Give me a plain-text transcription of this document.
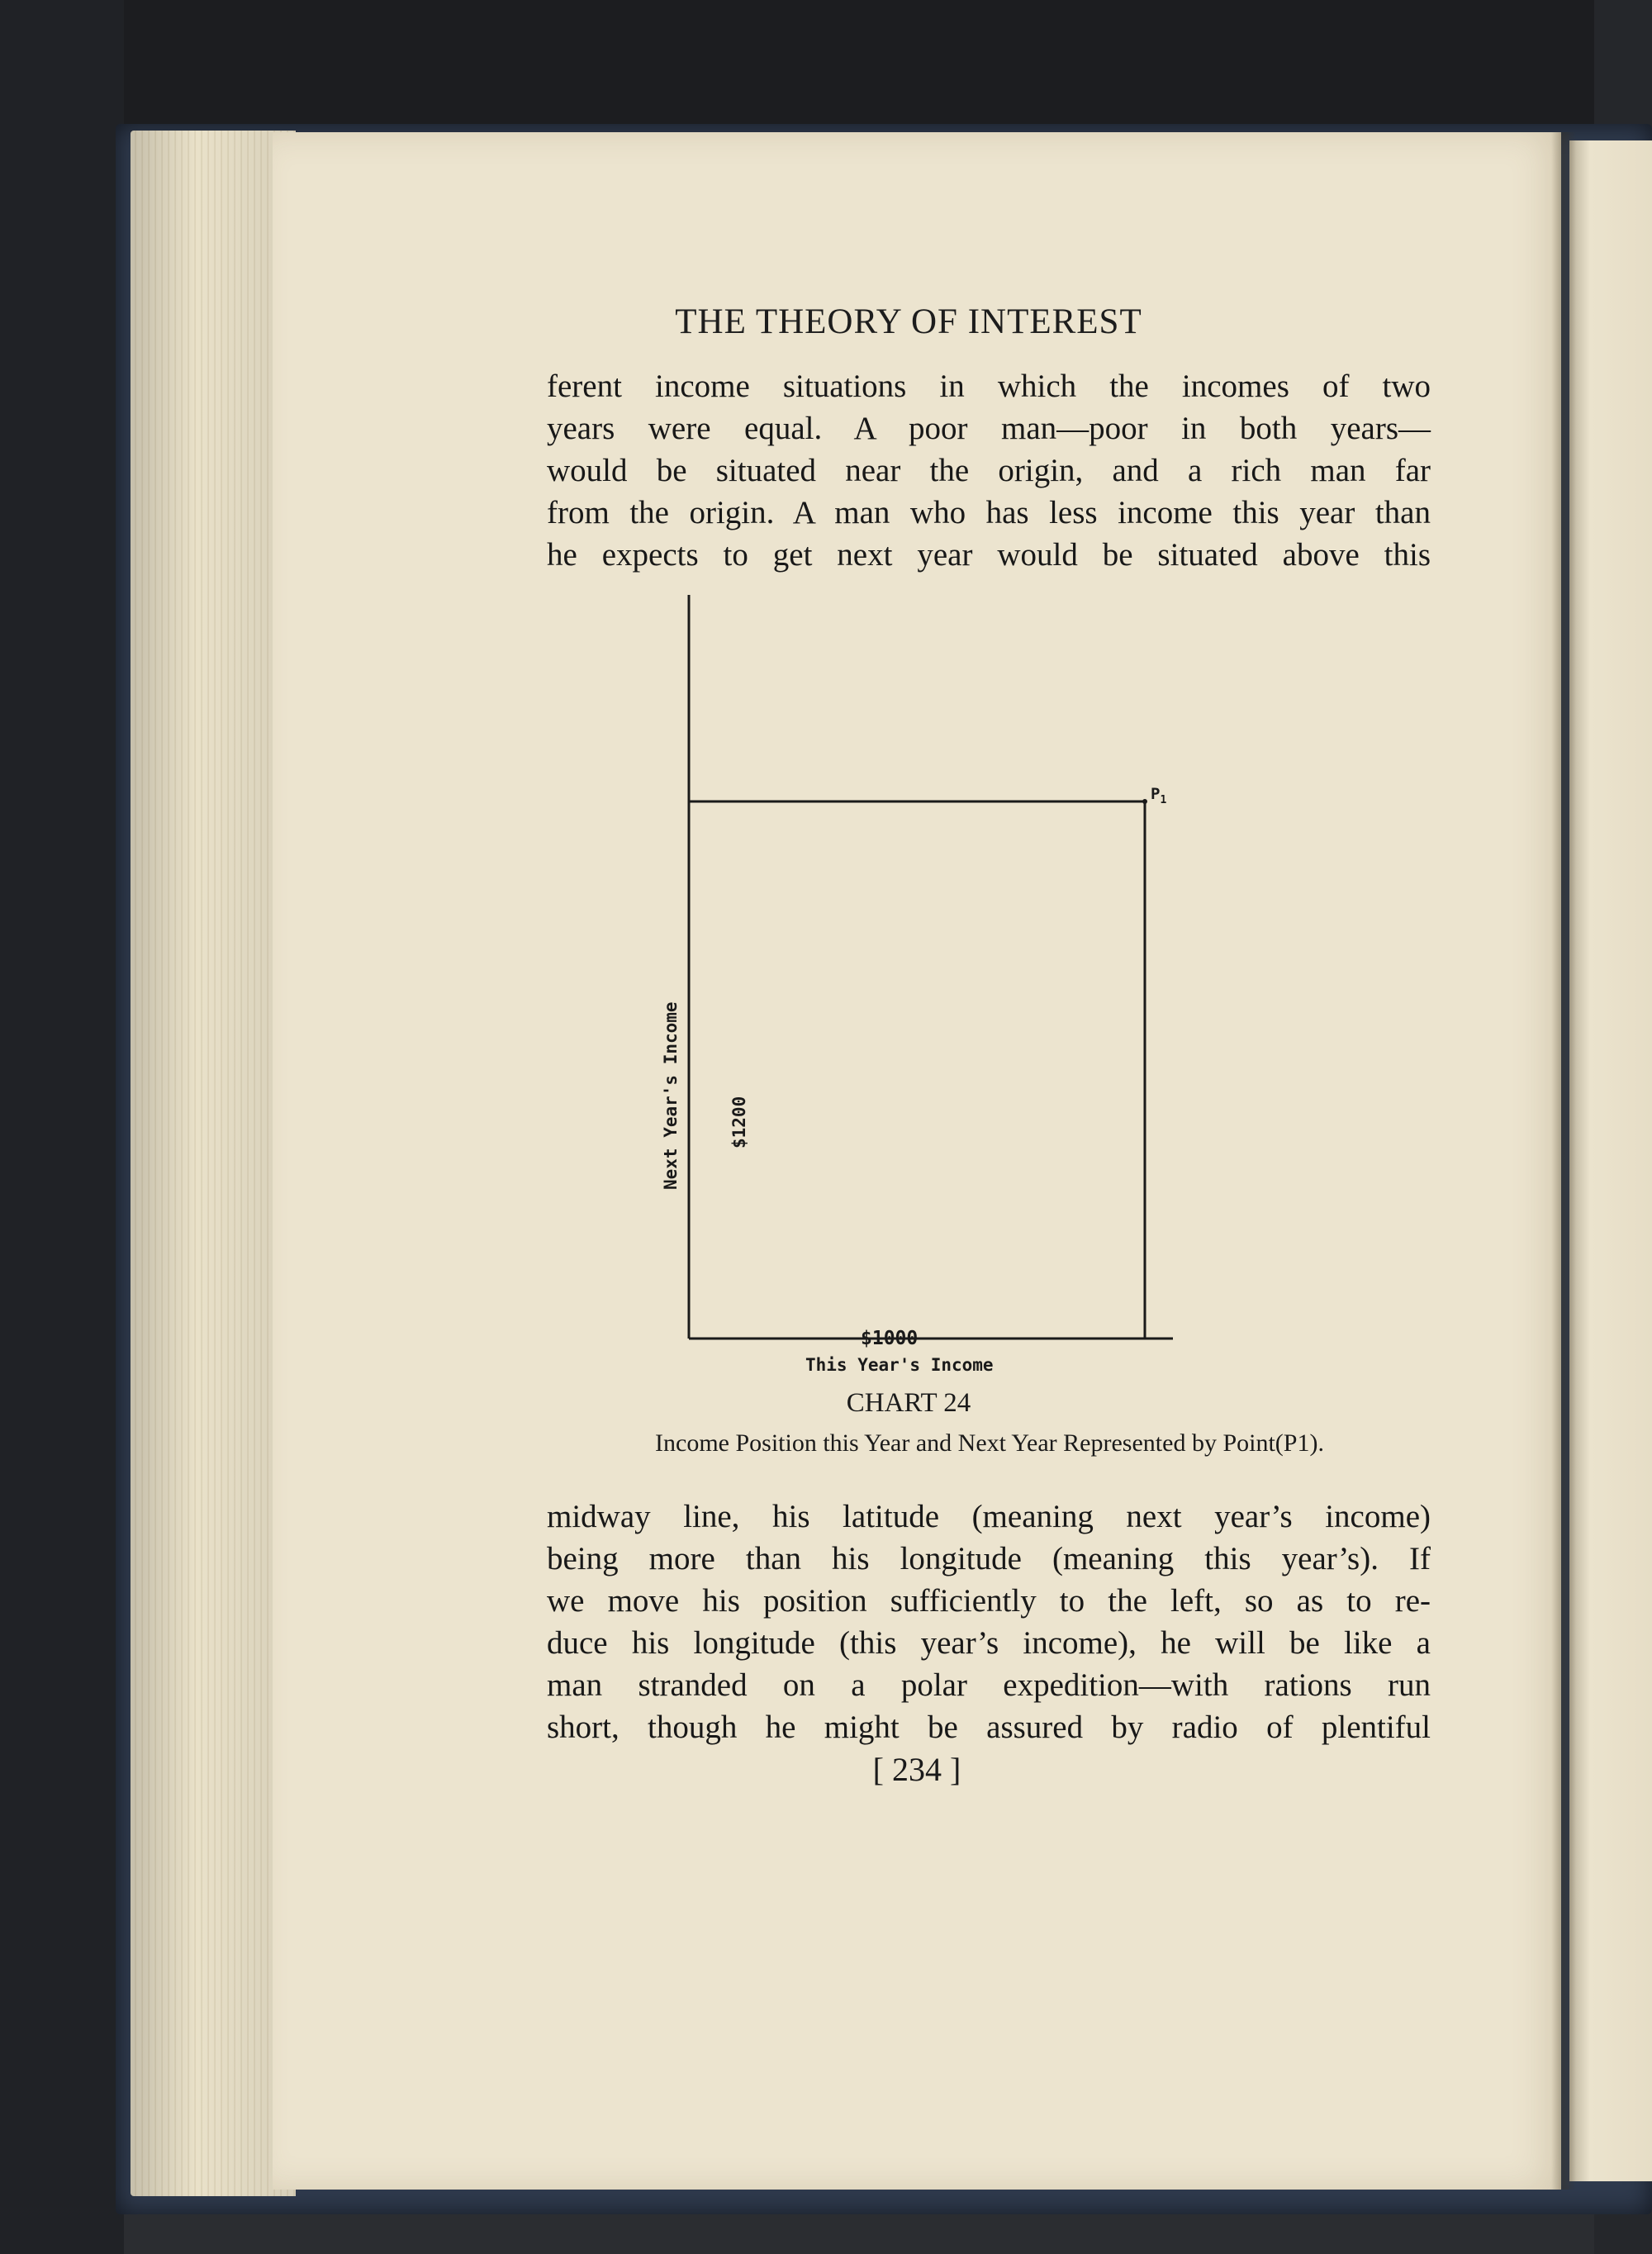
THE THEORY OF INTEREST
ferent income situations in which the incomes of two
years were equal. A poor man—poor in both years—
would be situated near the origin, and a rich man far
from the origin. A man who has less income this year than
he expects to get next year would be situated above this
Next Year's Income	$1200
$1000
This Year's Income
$P_1$
CHART 24
Income Position this Year and Next Year Represented by Point(P1).
midway line, his latitude (meaning next year’s income)
being more than his longitude (meaning this year’s). If
we move his position sufficiently to the left, so as to re-
duce his longitude (this year’s income), he will be like a
man stranded on a polar expedition—with rations run
short, though he might be assured by radio of plentiful
[ 234 ]
